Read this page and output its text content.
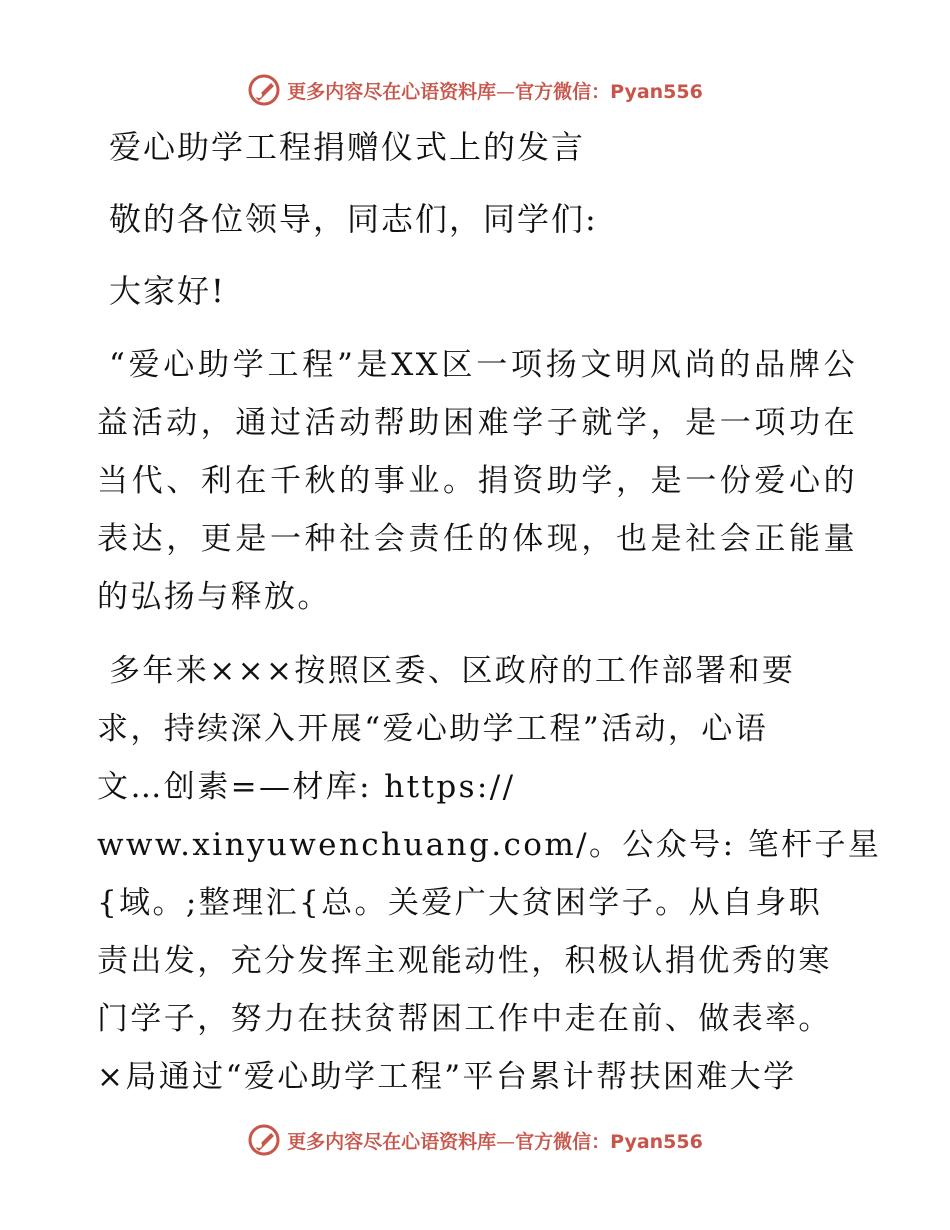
更多内容尽在心语资料库—官方微信：Pyan556
爱心助学工程捐赠仪式上的发言

敬的各位领导，同志们，同学们:

大家好!

“爱心助学工程”是XX区一项扬文明风尚的品牌公益活动，通过活动帮助困难学子就学，是一项功在当代、利在千秋的事业。捐资助学，是一份爱心的表达，更是一种社会责任的体现，也是社会正能量的弘扬与释放。

多年来×××按照区委、区政府的工作部署和要
求，持续深入开展“爱心助学工程”活动，心语
文…创素=—材库: https://
www.xinyuwenchuang.com/。公众号: 笔杆子星
{域。;整理汇{总。关爱广大贫困学子。从自身职
责出发，充分发挥主观能动性，积极认捐优秀的寒
门学子，努力在扶贫帮困工作中走在前、做表率。
×局通过“爱心助学工程”平台累计帮扶困难大学
更多内容尽在心语资料库—官方微信：Pyan556
